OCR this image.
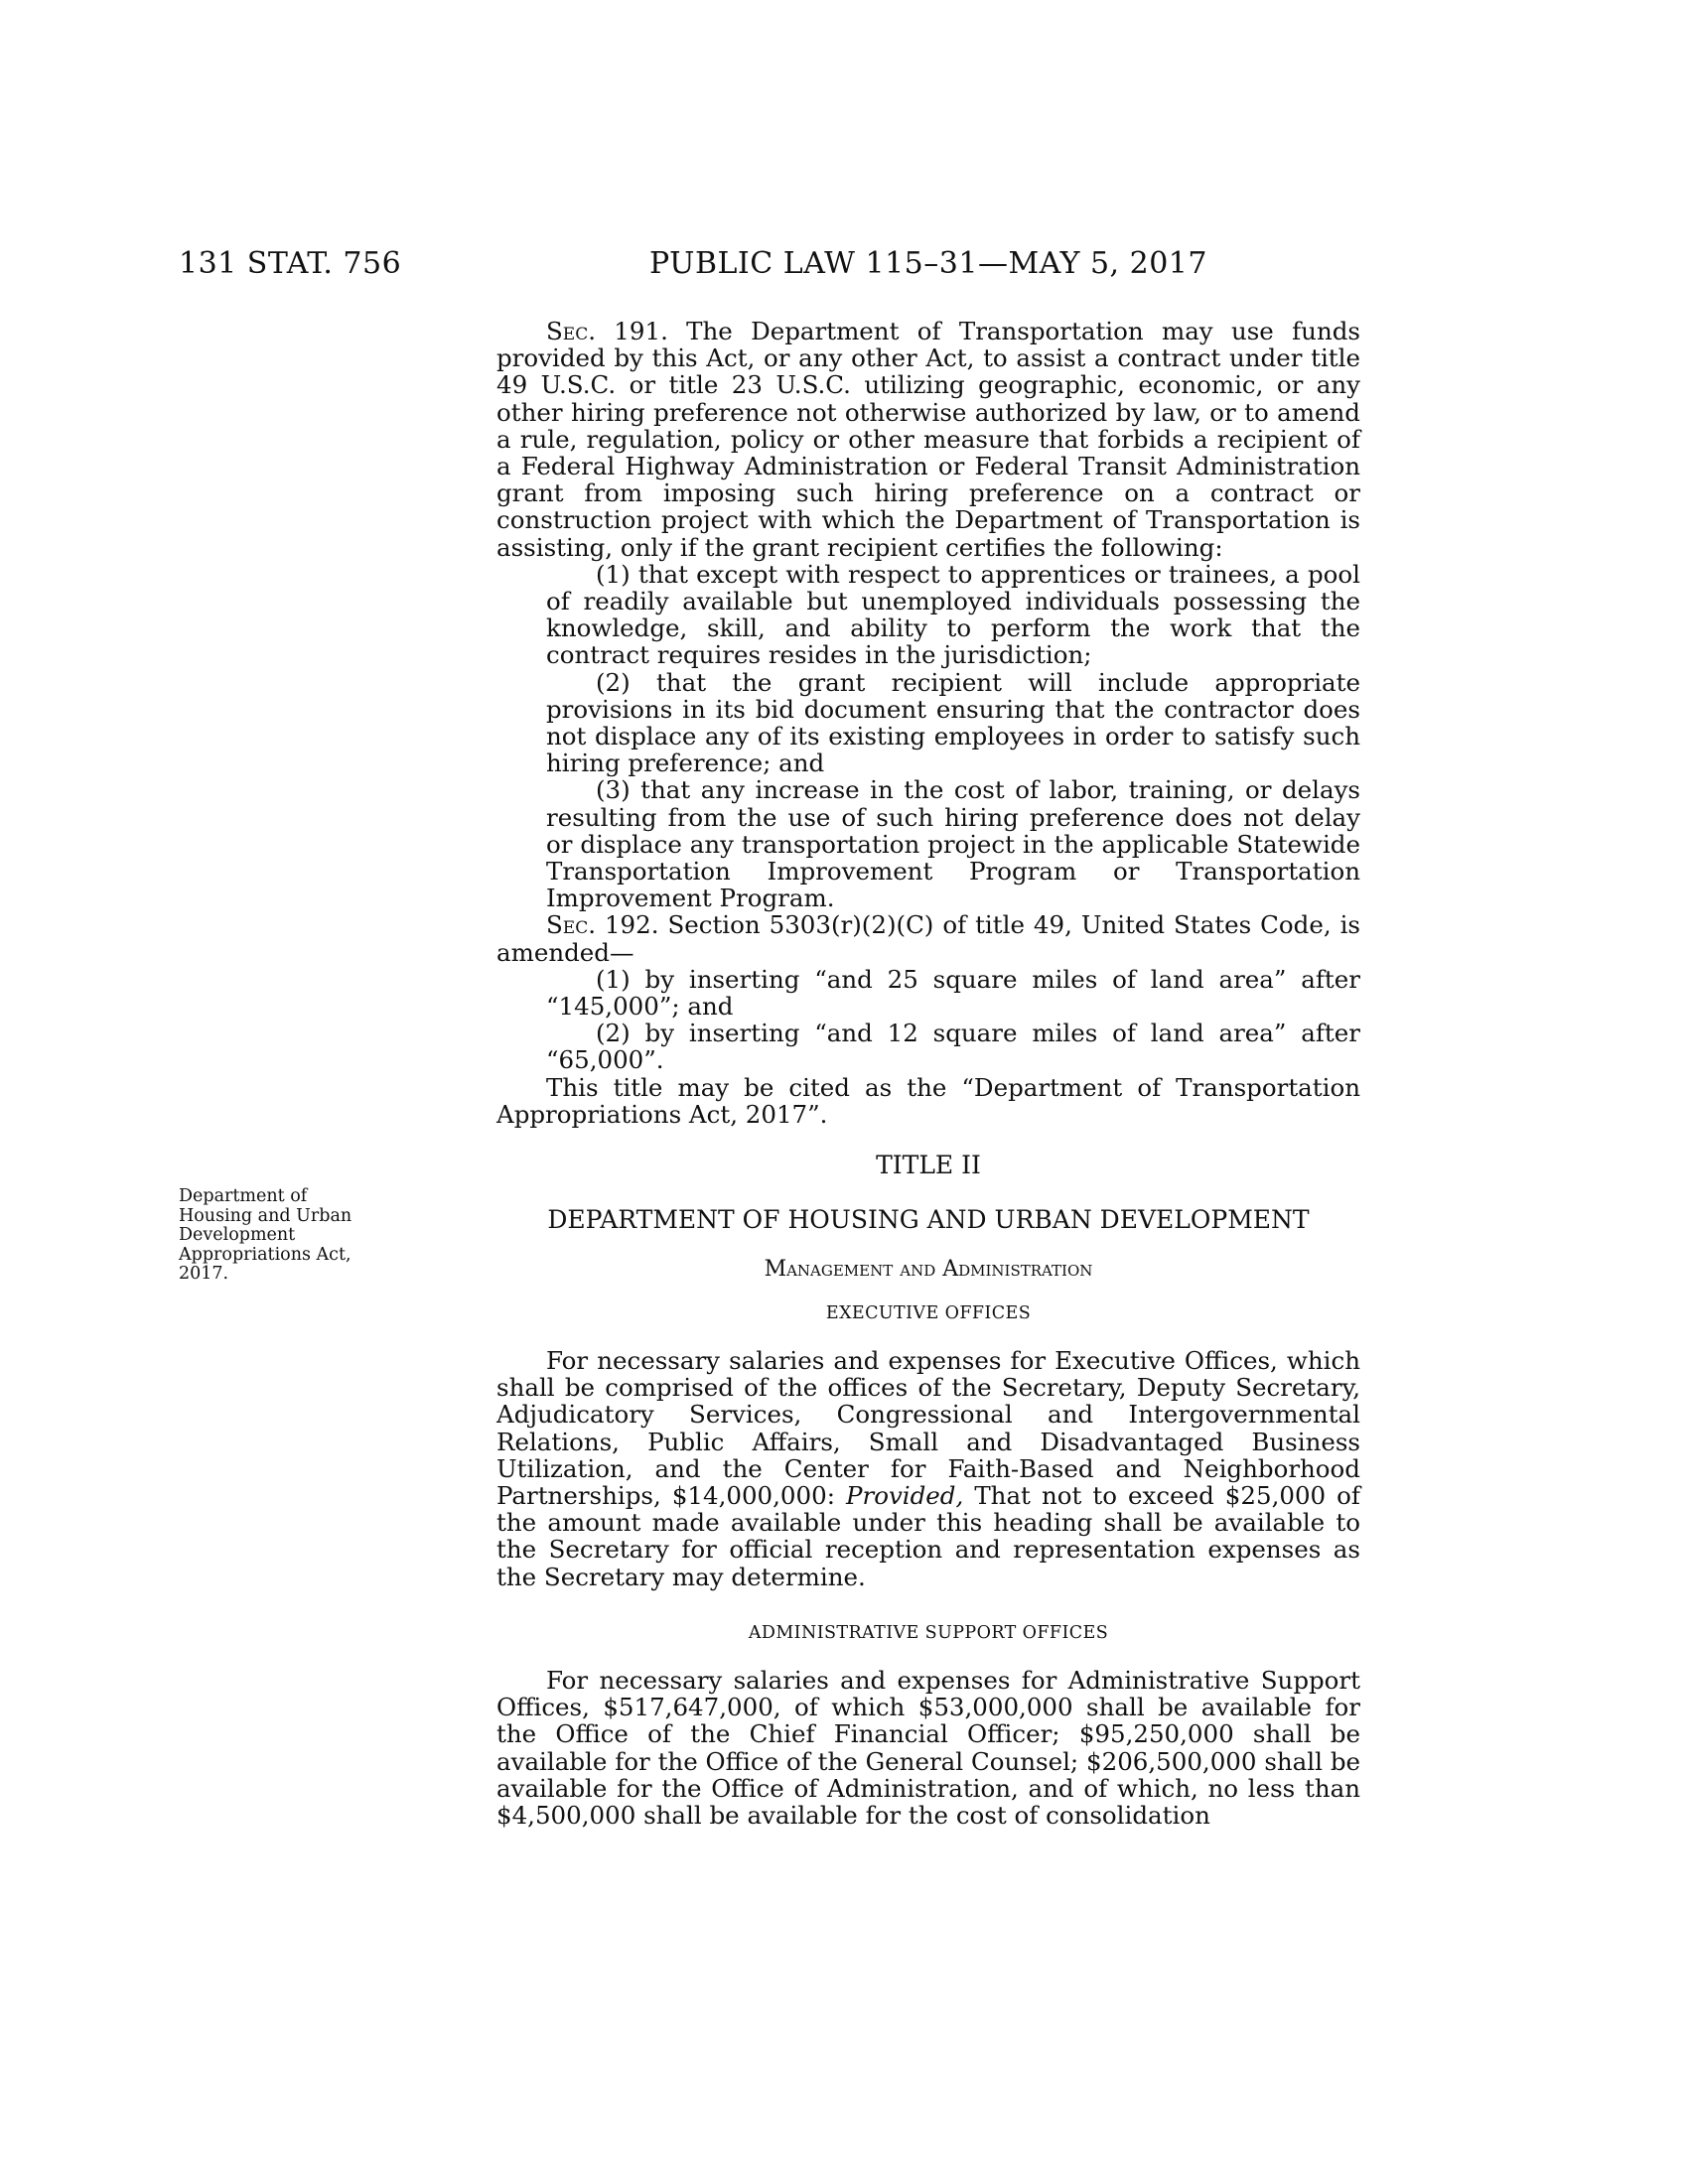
131 STAT. 756	PUBLIC LAW 115–31—MAY 5, 2017
Department of Housing and Urban Development Appropriations Act, 2017.

Sec. 191. The Department of Transportation may use funds provided by this Act, or any other Act, to assist a contract under title 49 U.S.C. or title 23 U.S.C. utilizing geographic, economic, or any other hiring preference not otherwise authorized by law, or to amend a rule, regulation, policy or other measure that forbids a recipient of a Federal Highway Administration or Federal Transit Administration grant from imposing such hiring preference on a contract or construction project with which the Department of Transportation is assisting, only if the grant recipient certifies the following:

(1) that except with respect to apprentices or trainees, a pool of readily available but unemployed individuals possessing the knowledge, skill, and ability to perform the work that the contract requires resides in the jurisdiction;

(2) that the grant recipient will include appropriate provisions in its bid document ensuring that the contractor does not displace any of its existing employees in order to satisfy such hiring preference; and

(3) that any increase in the cost of labor, training, or delays resulting from the use of such hiring preference does not delay or displace any transportation project in the applicable Statewide Transportation Improvement Program or Transportation Improvement Program.

Sec. 192. Section 5303(r)(2)(C) of title 49, United States Code, is amended—

(1) by inserting “and 25 square miles of land area” after “145,000”; and

(2) by inserting “and 12 square miles of land area” after “65,000”.

This title may be cited as the “Department of Transportation Appropriations Act, 2017”.

TITLE II
DEPARTMENT OF HOUSING AND URBAN DEVELOPMENT
Management and Administration
EXECUTIVE OFFICES

For necessary salaries and expenses for Executive Offices, which shall be comprised of the offices of the Secretary, Deputy Secretary, Adjudicatory Services, Congressional and Intergovernmental Relations, Public Affairs, Small and Disadvantaged Business Utilization, and the Center for Faith-Based and Neighborhood Partnerships, $14,000,000: Provided, That not to exceed $25,000 of the amount made available under this heading shall be available to the Secretary for official reception and representation expenses as the Secretary may determine.

ADMINISTRATIVE SUPPORT OFFICES

For necessary salaries and expenses for Administrative Support Offices, $517,647,000, of which $53,000,000 shall be available for the Office of the Chief Financial Officer; $95,250,000 shall be available for the Office of the General Counsel; $206,500,000 shall be available for the Office of Administration, and of which, no less than $4,500,000 shall be available for the cost of consolidation
